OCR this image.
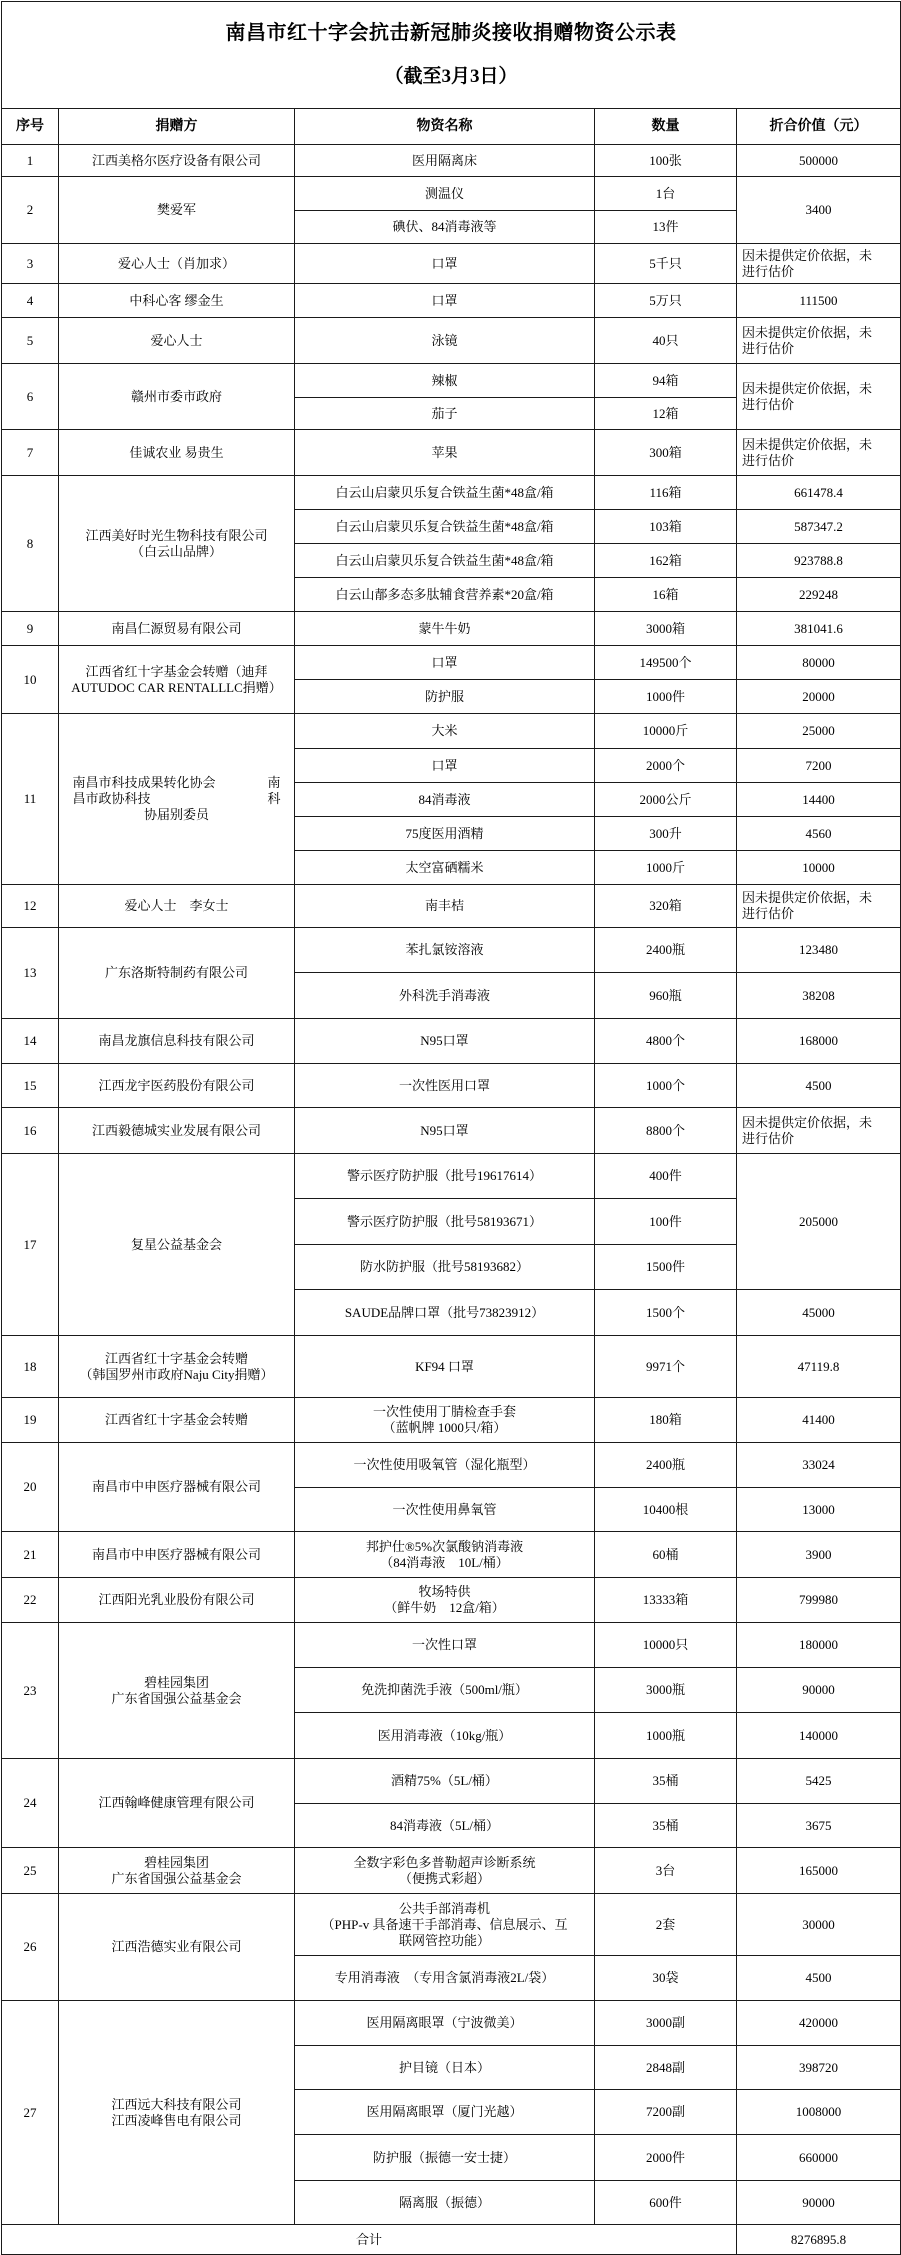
南昌市红十字会抗击新冠肺炎接收捐赠物资公示表

（截至3月3日）				

序号	捐赠方	物资名称	数量	折合价值（元）
1	江西美格尔医疗设备有限公司	医用隔离床	100张	500000
2	樊爱军	测温仪	1台	3400
		碘伏、84消毒液等	13件	
3	爱心人士（肖加求）	口罩	5千只	因未提供定价依据，未
进行估价
4	中科心客 缪金生	口罩	5万只	111500
5	爱心人士	泳镜	40只	因未提供定价依据，未
进行估价
6	赣州市委市政府	辣椒	94箱	因未提供定价依据，未
进行估价
		茄子	12箱	
7	佳诚农业 易贵生	苹果	300箱	因未提供定价依据，未
进行估价
8	江西美好时光生物科技有限公司
（白云山品牌）	白云山启蒙贝乐复合铁益生菌*48盒/箱	116箱	661478.4
		白云山启蒙贝乐复合铁益生菌*48盒/箱	103箱	587347.2
		白云山启蒙贝乐复合铁益生菌*48盒/箱	162箱	923788.8
		白云山郬多态多肽辅食营养素*20盒/箱	16箱	229248
9	南昌仁源贸易有限公司	蒙牛牛奶	3000箱	381041.6
10	江西省红十字基金会转赠（迪拜
AUTUDOC CAR RENTALLLC捐赠）	口罩	149500个	80000
		防护服	1000件	20000
11	南昌市科技成果转化协会　　　　南
昌市政协科技　　　　　　　　　科
协届别委员	大米	10000斤	25000
		口罩	2000个	7200
		84消毒液	2000公斤	14400
		75度医用酒精	300升	4560
		太空富硒糯米	1000斤	10000
12	爱心人士　李女士	南丰桔	320箱	因未提供定价依据，未
进行估价
13	广东洛斯特制药有限公司	苯扎氯铵溶液	2400瓶	123480
		外科洗手消毒液	960瓶	38208
14	南昌龙旗信息科技有限公司	N95口罩	4800个	168000
15	江西龙宇医药股份有限公司	一次性医用口罩	1000个	4500
16	江西毅德城实业发展有限公司	N95口罩	8800个	因未提供定价依据，未
进行估价
17	复星公益基金会	警示医疗防护服（批号19617614）	400件	205000
		警示医疗防护服（批号58193671）	100件	
		防水防护服（批号58193682）	1500件	
		SAUDE品牌口罩（批号73823912）	1500个	45000
18	江西省红十字基金会转赠
（韩国罗州市政府Naju City捐赠）	KF94 口罩	9971个	47119.8
19	江西省红十字基金会转赠	一次性使用丁腈检查手套
（蓝帆牌 1000只/箱）	180箱	41400
20	南昌市中申医疗器械有限公司	一次性使用吸氧管（湿化瓶型）	2400瓶	33024
		一次性使用鼻氧管	10400根	13000
21	南昌市中申医疗器械有限公司	邦护仕®5%次氯酸钠消毒液
（84消毒液　10L/桶）	60桶	3900
22	江西阳光乳业股份有限公司	牧场特供
（鲜牛奶　12盒/箱）	13333箱	799980
23	碧桂园集团
广东省国强公益基金会	一次性口罩	10000只	180000
		免洗抑菌洗手液（500ml/瓶）	3000瓶	90000
		医用消毒液（10kg/瓶）	1000瓶	140000
24	江西翰峰健康管理有限公司	酒精75%（5L/桶）	35桶	5425
		84消毒液（5L/桶）	35桶	3675
25	碧桂园集团
广东省国强公益基金会	全数字彩色多普勒超声诊断系统
（便携式彩超）	3台	165000
26	江西浩德实业有限公司	公共手部消毒机
（PHP-v 具备速干手部消毒、信息展示、互
联网管控功能）	2套	30000
		专用消毒液　（专用含氯消毒液2L/袋）	30袋	4500
27	江西远大科技有限公司
江西凌峰售电有限公司	医用隔离眼罩（宁波微美）	3000副	420000
		护目镜（日本）	2848副	398720
		医用隔离眼罩（厦门光越）	7200副	1008000
		防护服（振德一安士捷）	2000件	660000
		隔离服（振德）	600件	90000
合计				8276895.8
